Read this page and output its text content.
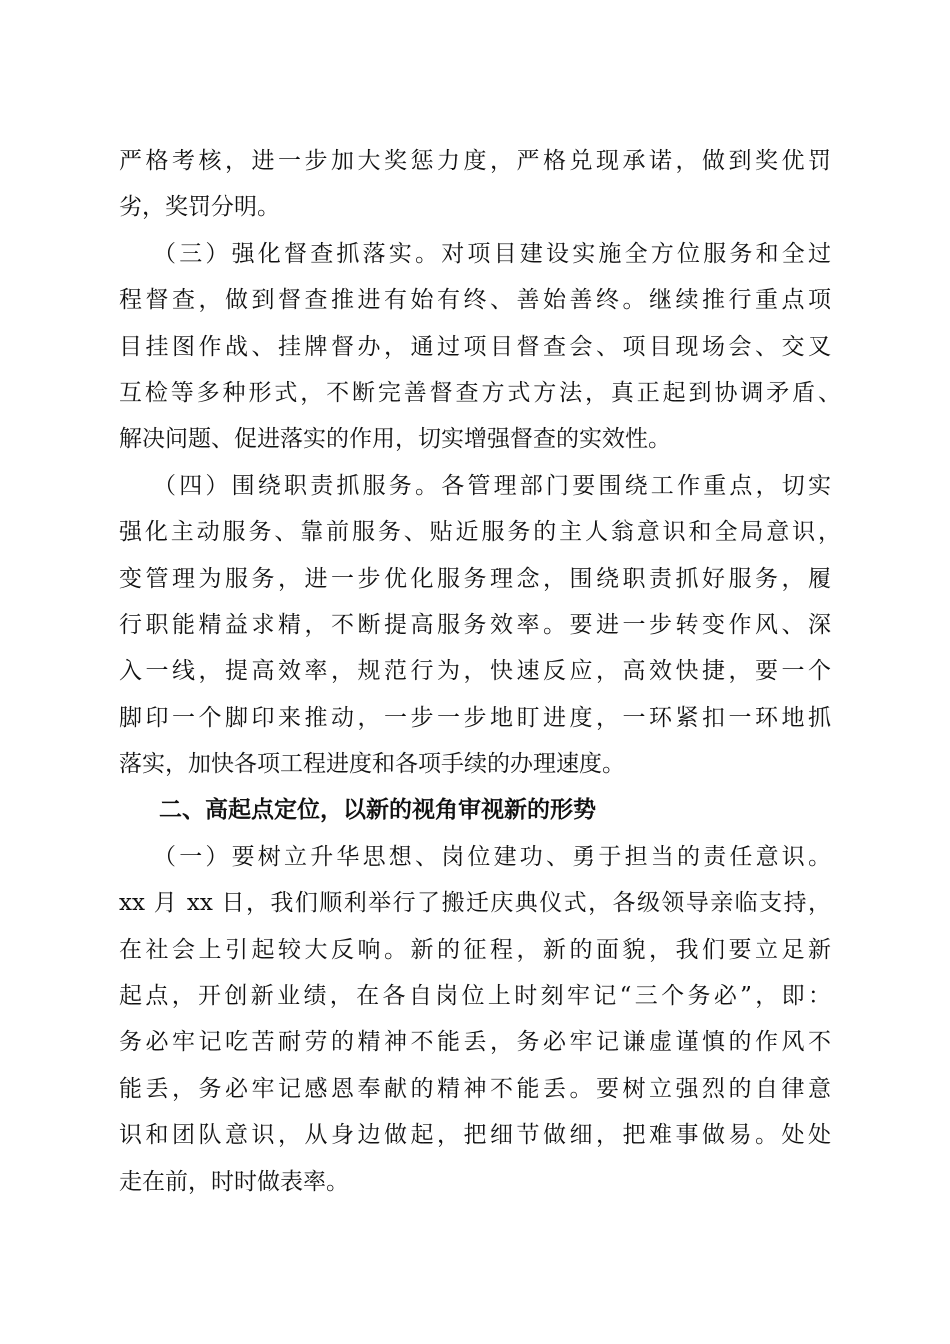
严格考核，进一步加大奖惩力度，严格兑现承诺，做到奖优罚
劣，奖罚分明。
（三）强化督查抓落实。对项目建设实施全方位服务和全过
程督查，做到督查推进有始有终、善始善终。继续推行重点项
目挂图作战、挂牌督办，通过项目督查会、项目现场会、交叉
互检等多种形式，不断完善督查方式方法，真正起到协调矛盾、
解决问题、促进落实的作用，切实增强督查的实效性。
（四）围绕职责抓服务。各管理部门要围绕工作重点，切实
强化主动服务、靠前服务、贴近服务的主人翁意识和全局意识，
变管理为服务，进一步优化服务理念，围绕职责抓好服务，履
行职能精益求精，不断提高服务效率。要进一步转变作风、深
入一线，提高效率，规范行为，快速反应，高效快捷，要一个
脚印一个脚印来推动，一步一步地盯进度，一环紧扣一环地抓
落实，加快各项工程进度和各项手续的办理速度。
二、高起点定位，以新的视角审视新的形势
（一）要树立升华思想、岗位建功、勇于担当的责任意识。
xx 月 xx 日，我们顺利举行了搬迁庆典仪式，各级领导亲临支持，
在社会上引起较大反响。新的征程，新的面貌，我们要立足新
起点，开创新业绩，在各自岗位上时刻牢记“三个务必”，即：
务必牢记吃苦耐劳的精神不能丢，务必牢记谦虚谨慎的作风不
能丢，务必牢记感恩奉献的精神不能丢。要树立强烈的自律意
识和团队意识，从身边做起，把细节做细，把难事做易。处处
走在前，时时做表率。
